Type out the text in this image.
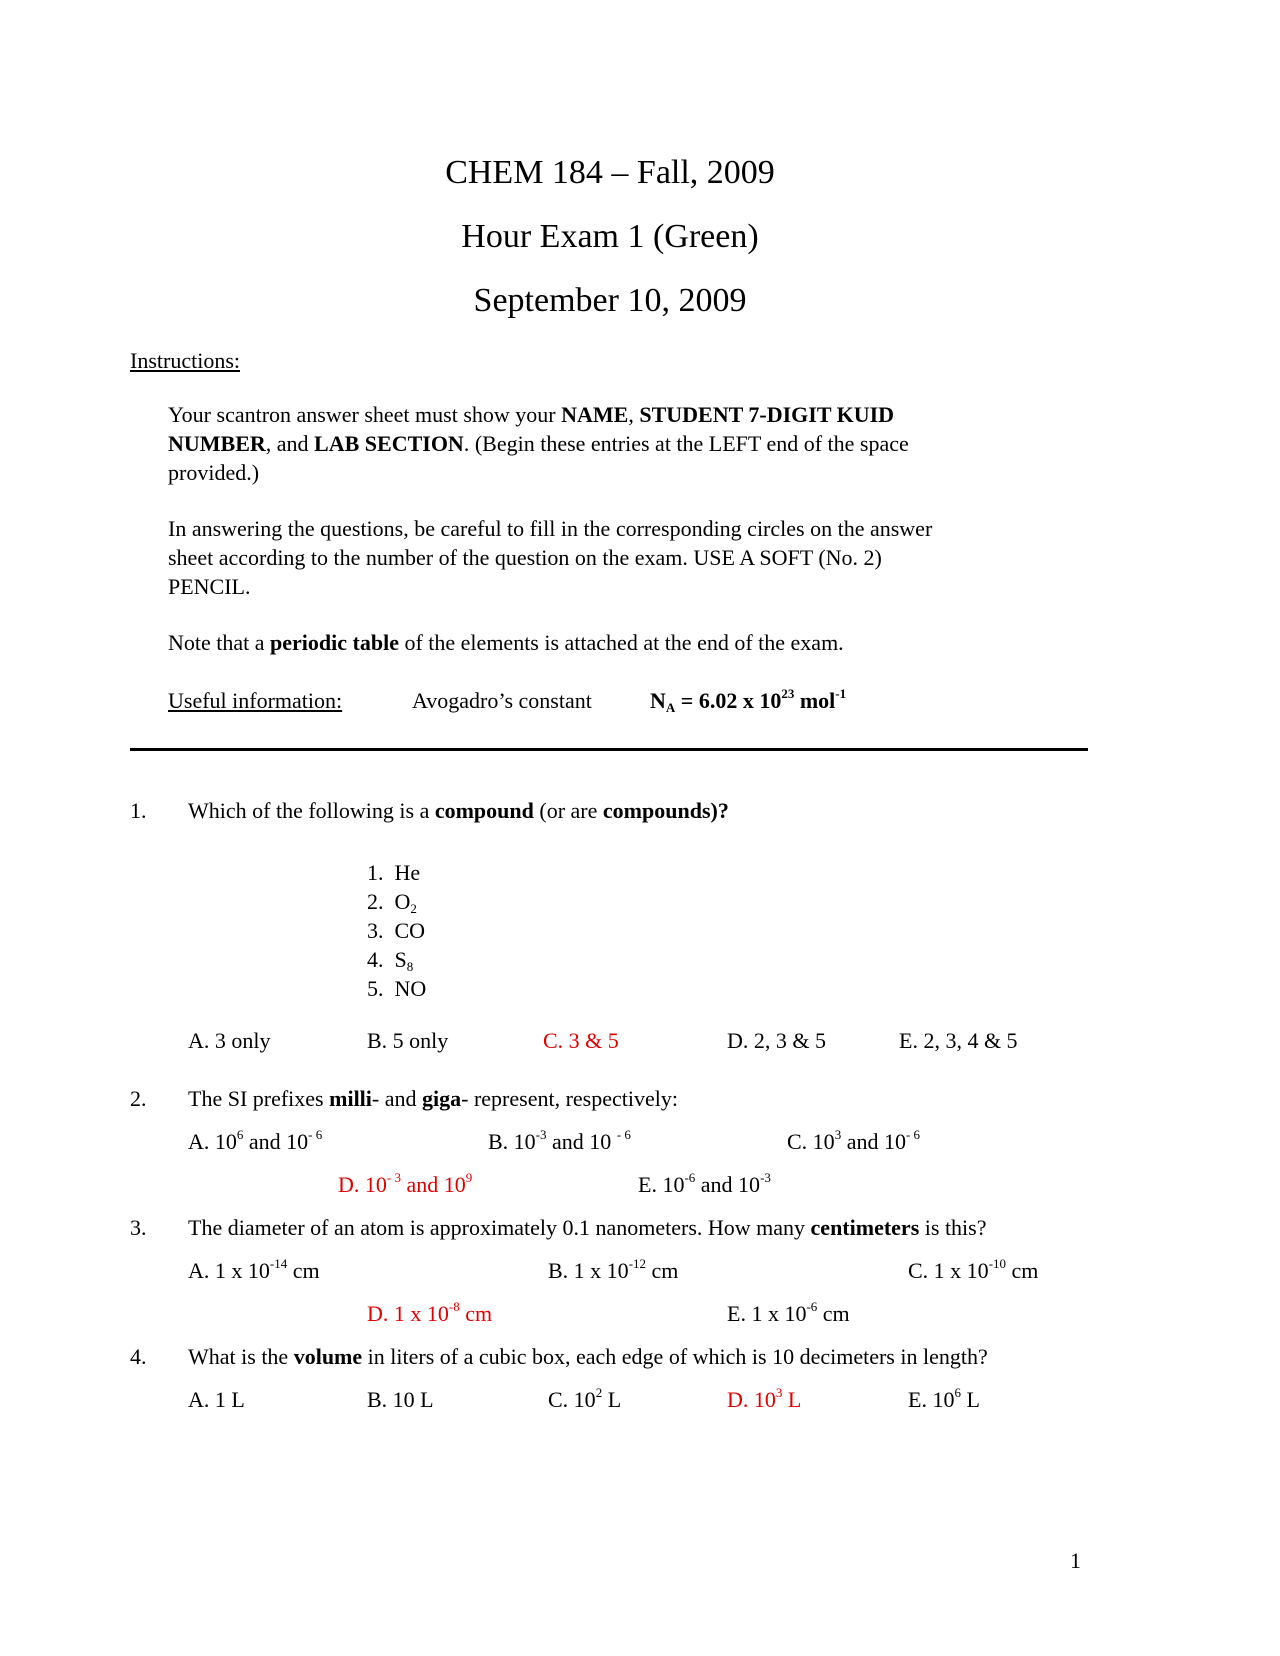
CHEM 184 – Fall, 2009
Hour Exam 1 (Green)
September 10, 2009
Instructions:
Your scantron answer sheet must show your NAME, STUDENT 7-DIGIT KUID
NUMBER, and LAB SECTION. (Begin these entries at the LEFT end of the space
provided.)
In answering the questions, be careful to fill in the corresponding circles on the answer
sheet according to the number of the question on the exam. USE A SOFT (No. 2)
PENCIL.
Note that a periodic table of the elements is attached at the end of the exam.
Useful information:	Avogadro’s constant	$N_A = 6.02$ x $10^{23}$ mol$^{-1}$
1. Which of the following is a compound (or are compounds)?
1. He
2. $O_2$
3. CO
4. $S_8$
5. NO
A. 3 only	B. 5 only	C. 3 & 5	D. 2, 3 & 5	E. 2, 3, 4 & 5
2. The SI prefixes milli- and giga- represent, respectively:
A. $10^6$ and $10^{- 6}$	B. $10^{-3}$ and 10 $^{- 6}$	C. $10^3$ and $10^{- 6}$
D. $10^{- 3}$ and $10^9$	E. $10^{-6}$ and $10^{-3}$
3. The diameter of an atom is approximately 0.1 nanometers. How many centimeters is this?
A. 1 x $10^{-14}$ cm	B. 1 x $10^{-12}$ cm	C. 1 x $10^{-10}$ cm
D. 1 x $10^{-8}$ cm	E. 1 x $10^{-6}$ cm
4. What is the volume in liters of a cubic box, each edge of which is 10 decimeters in length?
A. 1 L	B. 10 L	C. $10^2$ L	D. $10^3$ L	E. $10^6$ L
1
